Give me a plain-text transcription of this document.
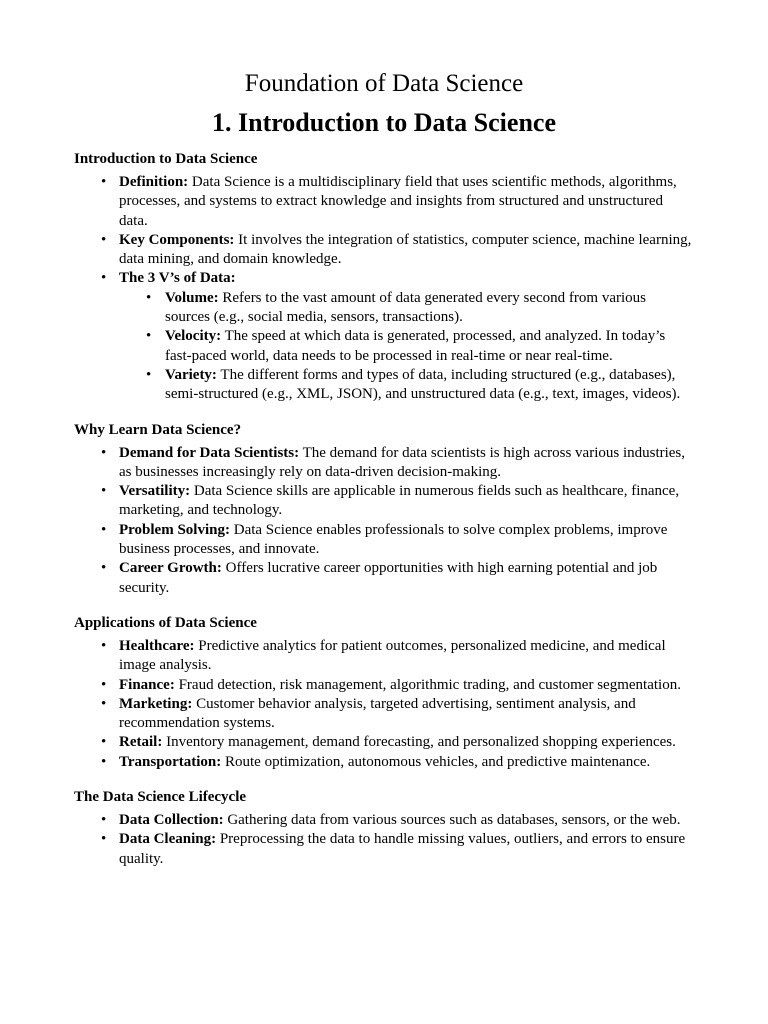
Foundation of Data Science
1. Introduction to Data Science
Introduction to Data Science
• Definition: Data Science is a multidisciplinary field that uses scientific methods, algorithms, processes, and systems to extract knowledge and insights from structured and unstructured data.
• Key Components: It involves the integration of statistics, computer science, machine learning, data mining, and domain knowledge.
• The 3 V’s of Data:
• Volume: Refers to the vast amount of data generated every second from various sources (e.g., social media, sensors, transactions).
• Velocity: The speed at which data is generated, processed, and analyzed. In today’s fast-paced world, data needs to be processed in real-time or near real-time.
• Variety: The different forms and types of data, including structured (e.g., databases), semi-structured (e.g., XML, JSON), and unstructured data (e.g., text, images, videos).
Why Learn Data Science?
• Demand for Data Scientists: The demand for data scientists is high across various industries, as businesses increasingly rely on data-driven decision-making.
• Versatility: Data Science skills are applicable in numerous fields such as healthcare, finance, marketing, and technology.
• Problem Solving: Data Science enables professionals to solve complex problems, improve business processes, and innovate.
• Career Growth: Offers lucrative career opportunities with high earning potential and job security.
Applications of Data Science
• Healthcare: Predictive analytics for patient outcomes, personalized medicine, and medical image analysis.
• Finance: Fraud detection, risk management, algorithmic trading, and customer segmentation.
• Marketing: Customer behavior analysis, targeted advertising, sentiment analysis, and recommendation systems.
• Retail: Inventory management, demand forecasting, and personalized shopping experiences.
• Transportation: Route optimization, autonomous vehicles, and predictive maintenance.
The Data Science Lifecycle
• Data Collection: Gathering data from various sources such as databases, sensors, or the web.
• Data Cleaning: Preprocessing the data to handle missing values, outliers, and errors to ensure quality.
